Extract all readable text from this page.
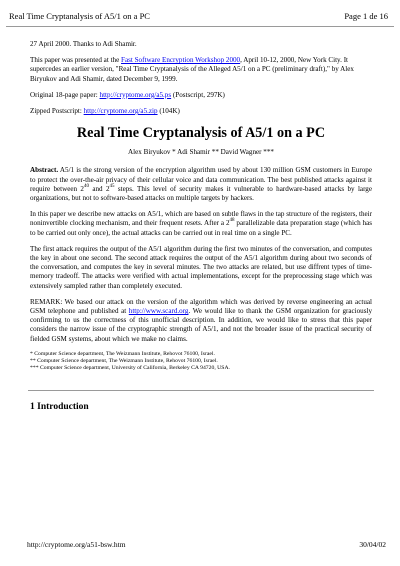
Real Time Cryptanalysis of A5/1 on a PC	Page 1 de 16

27 April 2000. Thanks to Adi Shamir.

This paper was presented at the Fast Software Encryption Workshop 2000, April 10-12, 2000, New York City. It supercedes an earlier version, "Real Time Cryptanalysis of the Alleged A5/1 on a PC (preliminary draft)," by Alex Biryukov and Adi Shamir, dated December 9, 1999.

Original 18-page paper: http://cryptome.org/a5.ps (Postscript, 297K)

Zipped Postscript: http://cryptome.org/a5.zip (104K)

Real Time Cryptanalysis of A5/1 on a PC
Alex Biryukov * Adi Shamir ** David Wagner ***

Abstract. A5/1 is the strong version of the encryption algorithm used by about 130 million GSM customers in Europe to protect the over-the-air privacy of their cellular voice and data communication. The best published attacks against it require between $2^{40}$ and $2^{45}$ steps. This level of security makes it vulnerable to hardware-based attacks by large organizations, but not to software-based attacks on multiple targets by hackers.

In this paper we describe new attacks on A5/1, which are based on subtle flaws in the tap structure of the registers, their noninvertible clocking mechanism, and their frequent resets. After a $2^{48}$ parallelizable data preparation stage (which has to be carried out only once), the actual attacks can be carried out in real time on a single PC.

The first attack requires the output of the A5/1 algorithm during the first two minutes of the conversation, and computes the key in about one second. The second attack requires the output of the A5/1 algorithm during about two seconds of the conversation, and computes the key in several minutes. The two attacks are related, but use diffrent types of time-memory tradeoff. The attacks were verified with actual implementations, except for the preprocessing stage which was extensively sampled rather than completely executed.

REMARK: We based our attack on the version of the algorithm which was derived by reverse engineering an actual GSM telephone and published at http://www.scard.org. We would like to thank the GSM organization for graciously confirming to us the correctness of this unofficial description. In addition, we would like to stress that this paper considers the narrow issue of the cryptographic strength of A5/1, and not the broader issue of the practical security of fielded GSM systems, about which we make no claims.

* Computer Science department, The Weizmann Institute, Rehovot 76100, Israel.

** Computer Science department, The Weizmann Institute, Rehovot 76100, Israel.

*** Computer Science department, University of California, Berkeley CA 94720, USA.

1 Introduction
http://cryptome.org/a51-bsw.htm	30/04/02
